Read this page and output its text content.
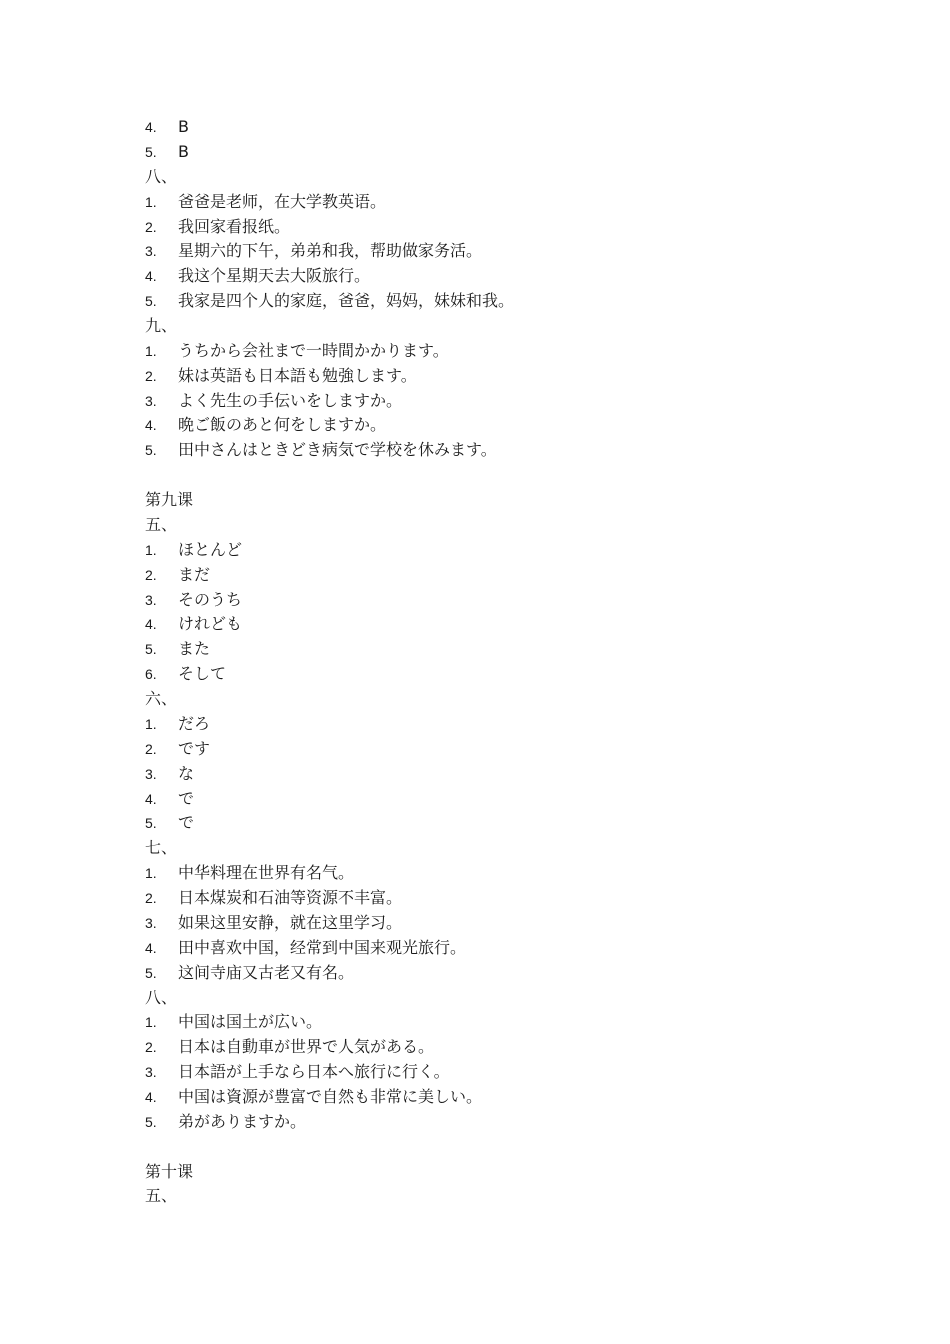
4. B
5. B
八、
1. 爸爸是老师，在大学教英语。
2. 我回家看报纸。
3. 星期六的下午，弟弟和我，帮助做家务活。
4. 我这个星期天去大阪旅行。
5. 我家是四个人的家庭，爸爸，妈妈，妹妹和我。
九、
1. うちから会社まで一時間かかります。
2. 妹は英語も日本語も勉強します。
3. よく先生の手伝いをしますか。
4. 晩ご飯のあと何をしますか。
5. 田中さんはときどき病気で学校を休みます。
第九课
五、
1. ほとんど
2. まだ
3. そのうち
4. けれども
5. また
6. そして
六、
1. だろ
2. です
3. な
4. で
5. で
七、
1. 中华料理在世界有名气。
2. 日本煤炭和石油等资源不丰富。
3. 如果这里安静，就在这里学习。
4. 田中喜欢中国，经常到中国来观光旅行。
5. 这间寺庙又古老又有名。
八、
1. 中国は国土が広い。
2. 日本は自動車が世界で人気がある。
3. 日本語が上手なら日本へ旅行に行く。
4. 中国は資源が豊富で自然も非常に美しい。
5. 弟がありますか。
第十课
五、
